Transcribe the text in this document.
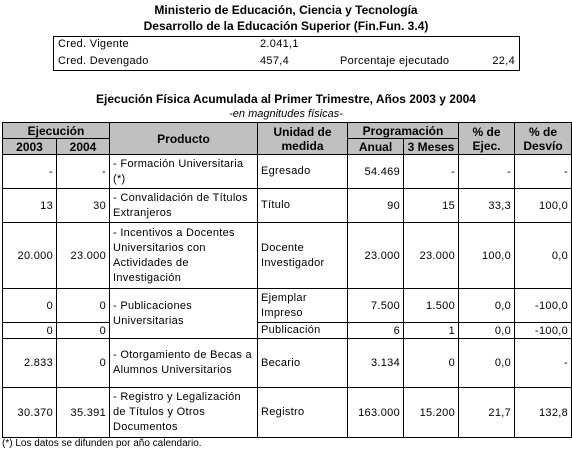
Ministerio de Educación, Ciencia y Tecnología
Desarrollo de la Educación Superior (Fin.Fun. 3.4)
Cred. Vigente	2.041,1
Cred. Devengado	457,4	Porcentaje ejecutado	22,4
Ejecución Física Acumulada al Primer Trimestre, Años 2003 y 2004
-en magnitudes físicas-
Ejecución		Producto	Unidad de medida	Programación		% de Ejec.	% de Desvío
2003	2004			Anual	3 Meses		
-	-	- Formación Universitaria (*)	Egresado	54.469	-	-	-
13	30	- Convalidación de Títulos Extranjeros	Título	90	15	33,3	100,0
20.000	23.000	- Incentivos a Docentes Universitarios con Actividades de Investigación	Docente Investigador	23.000	23.000	100,0	0,0
0	0	- Publicaciones Universitarias	Ejemplar Impreso	7.500	1.500	0,0	-100,0
0	0		Publicación	6	1	0,0	-100,0
2.833	0	- Otorgamiento de Becas a Alumnos Universitarios	Becario	3.134	0	0,0	-
30.370	35.391	- Registro y Legalización de Títulos y Otros Documentos	Registro	163.000	15.200	21,7	132,8
(*) Los datos se difunden por año calendario.
